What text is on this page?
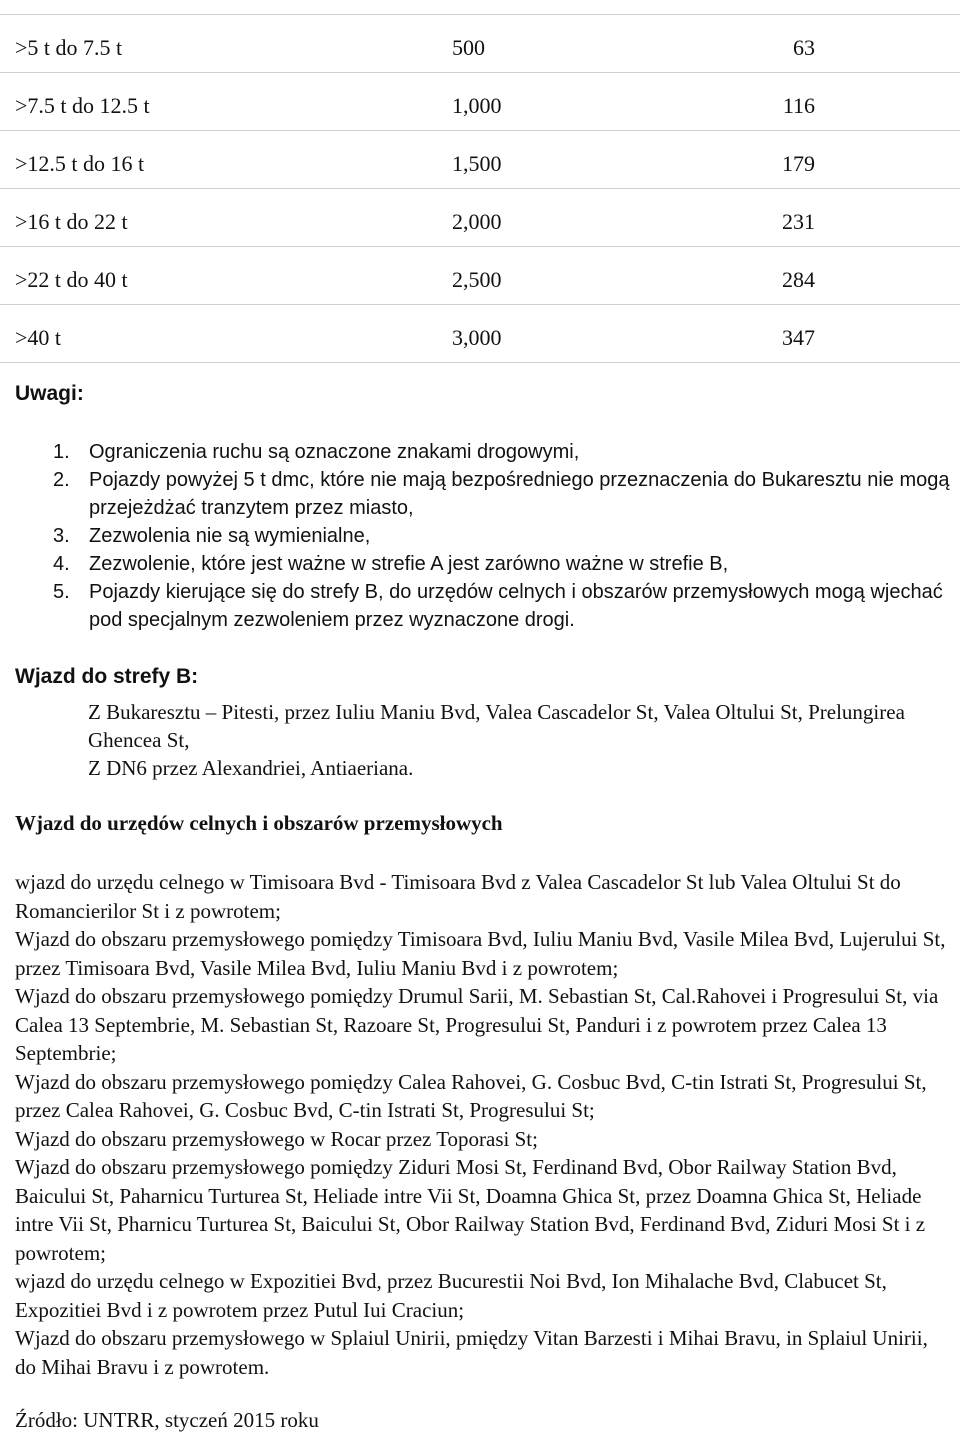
>5 t do 7.5 t	500	63
>7.5 t do 12.5 t	1,000	116
>12.5 t do 16 t	1,500	179
>16 t do 22 t	2,000	231
>22 t do 40 t	2,500	284
>40 t	3,000	347
Uwagi:

1. Ograniczenia ruchu są oznaczone znakami drogowymi,

2. Pojazdy powyżej 5 t dmc, które nie mają bezpośredniego przeznaczenia do Bukaresztu nie mogą przejeżdżać tranzytem przez miasto,

3. Zezwolenia nie są wymienialne,

4. Zezwolenie, które jest ważne w strefie A jest zarówno ważne w strefie B,

5. Pojazdy kierujące się do strefy B, do urzędów celnych i obszarów przemysłowych mogą wjechać pod specjalnym zezwoleniem przez wyznaczone drogi.

Wjazd do strefy B:
Z Bukaresztu – Pitesti, przez Iuliu Maniu Bvd, Valea Cascadelor St, Valea Oltului St, Prelungirea Ghencea St,
Z DN6 przez Alexandriei, Antiaeriana.
Wjazd do urzędów celnych i obszarów przemysłowych

wjazd do urzędu celnego w Timisoara Bvd - Timisoara Bvd z Valea Cascadelor St lub Valea Oltului St do Romancierilor St i z powrotem;

Wjazd do obszaru przemysłowego pomiędzy Timisoara Bvd, Iuliu Maniu Bvd, Vasile Milea Bvd, Lujerului St, przez Timisoara Bvd, Vasile Milea Bvd, Iuliu Maniu Bvd i z powrotem;

Wjazd do obszaru przemysłowego pomiędzy Drumul Sarii, M. Sebastian St, Cal.Rahovei i Progresului St, via Calea 13 Septembrie, M. Sebastian St, Razoare St, Progresului St, Panduri i z powrotem przez Calea 13 Septembrie;

Wjazd do obszaru przemysłowego pomiędzy Calea Rahovei, G. Cosbuc Bvd, C-tin Istrati St, Progresului St, przez Calea Rahovei, G. Cosbuc Bvd, C-tin Istrati St, Progresului St;

Wjazd do obszaru przemysłowego w Rocar przez Toporasi St;

Wjazd do obszaru przemysłowego pomiędzy Ziduri Mosi St, Ferdinand Bvd, Obor Railway Station Bvd, Baicului St, Paharnicu Turturea St, Heliade intre Vii St, Doamna Ghica St, przez Doamna Ghica St, Heliade intre Vii St, Pharnicu Turturea St, Baicului St, Obor Railway Station Bvd, Ferdinand Bvd, Ziduri Mosi St i z powrotem;

wjazd do urzędu celnego w Expozitiei Bvd, przez Bucurestii Noi Bvd, Ion Mihalache Bvd, Clabucet St, Expozitiei Bvd i z powrotem przez Putul Iui Craciun;

Wjazd do obszaru przemysłowego w Splaiul Unirii, pmiędzy Vitan Barzesti i Mihai Bravu, in Splaiul Unirii, do Mihai Bravu i z powrotem.

Źródło: UNTRR, styczeń 2015 roku
